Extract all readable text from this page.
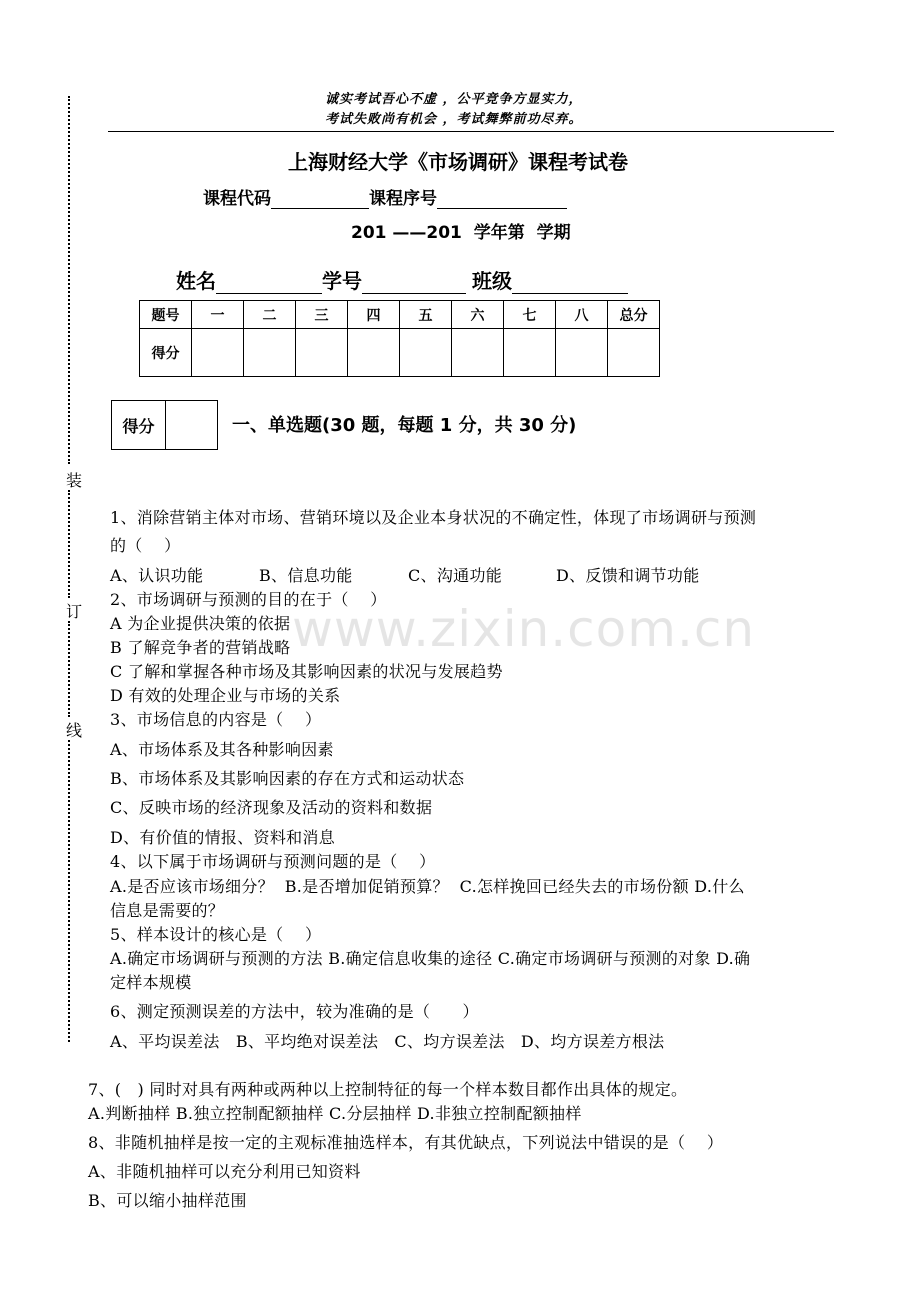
诚实考试吾心不虚 ，公平竞争方显实力，
考试失败尚有机会 ，考试舞弊前功尽弃。
装
订
线
上海财经大学《市场调研》课程考试卷
课程代码	课程序号
201 ——201  学年第  学期
姓名	学号	班级
题号	一	二	三	四	五	六	七	八	总分
得分									
得分		一、单选题(30 题，每题 1 分，共 30 分)
www.zixin.com.cn
1、消除营销主体对市场、营销环境以及企业本身状况的不确定性，体现了市场调研与预测
的（    ）
A、认识功能	B、信息功能	C、沟通功能	D、反馈和调节功能
2、市场调研与预测的目的在于（    ）
A 为企业提供决策的依据
B 了解竞争者的营销战略
C 了解和掌握各种市场及其影响因素的状况与发展趋势
D 有效的处理企业与市场的关系
3、市场信息的内容是（    ）
A、市场体系及其各种影响因素
B、市场体系及其影响因素的存在方式和运动状态
C、反映市场的经济现象及活动的资料和数据
D、有价值的情报、资料和消息
4、以下属于市场调研与预测问题的是（    ）
A.是否应该市场细分？  B.是否增加促销预算？  C.怎样挽回已经失去的市场份额 D.什么
信息是需要的？
5、样本设计的核心是（    ）
A.确定市场调研与预测的方法 B.确定信息收集的途径 C.确定市场调研与预测的对象 D.确
定样本规模
6、测定预测误差的方法中，较为准确的是（      ）
A、平均误差法   B、平均绝对误差法   C、均方误差法   D、均方误差方根法
7、(   ) 同时对具有两种或两种以上控制特征的每一个样本数目都作出具体的规定。
A.判断抽样 B.独立控制配额抽样 C.分层抽样 D.非独立控制配额抽样
8、非随机抽样是按一定的主观标准抽选样本，有其优缺点，下列说法中错误的是（    ）
A、非随机抽样可以充分利用已知资料
B、可以缩小抽样范围
